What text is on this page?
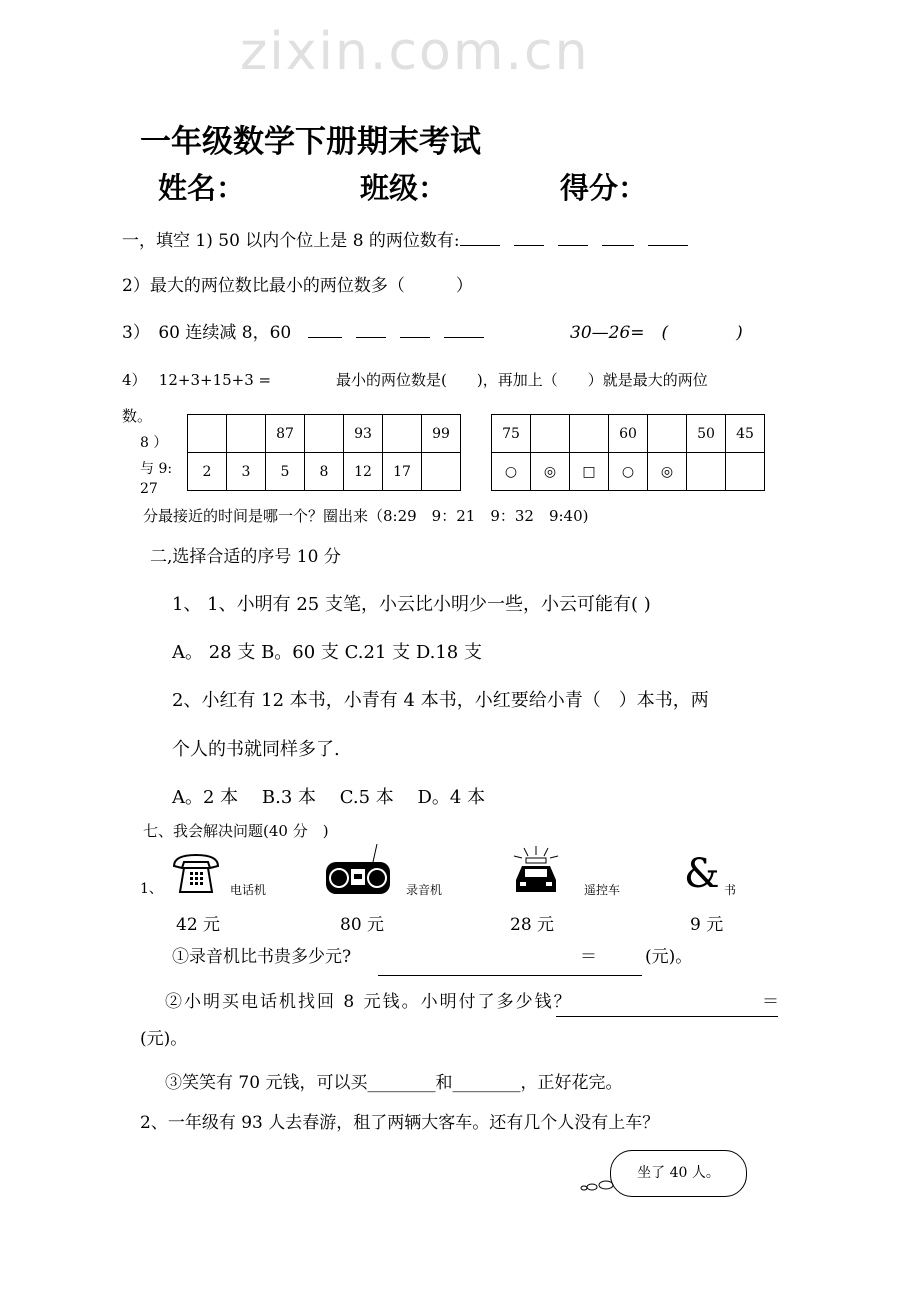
zixin.com.cn
一年级数学下册期末考试
姓名：	班级：	得分：
一，填空 1) 50 以内个位上是 8 的两位数有:
2）最大的两位数比最小的两位数多（　　　）
3）　60 连续减 8，60　	30—26=　(　　　　)
4）　 12+3+15+3 =	最小的两位数是(　　)，再加上（　　）就是最大的两位
数。
8 ）
与 9:
27
		87		93		99
2	3	5	8	12	17	
75			60		50	45
○	◎	□	○	◎		
分最接近的时间是哪一个？圈出来（8:29　9：21　9：32　9:40)
二,选择合适的序号 10 分
1、 1、小明有 25 支笔，小云比小明少一些，小云可能有( )
A。 28 支 B。60 支 C.21 支 D.18 支
2、小红有 12 本书，小青有 4 本书，小红要给小青（　）本书，两
个人的书就同样多了.
A。2 本　 B.3 本　 C.5 本　 D。4 本
七、我会解决问题(40 分　)
1、	电话机
42 元
录音机
80 元
遥控车
28 元
& 书
9 元
①录音机比书贵多少元?	＝	(元)。
②小明买电话机找回 8 元钱。小明付了多少钱？	＝
(元)。
③笑笑有 70 元钱，可以买________和________，正好花完。
2、一年级有 93 人去春游，租了两辆大客车。还有几个人没有上车？
坐了 40 人。
